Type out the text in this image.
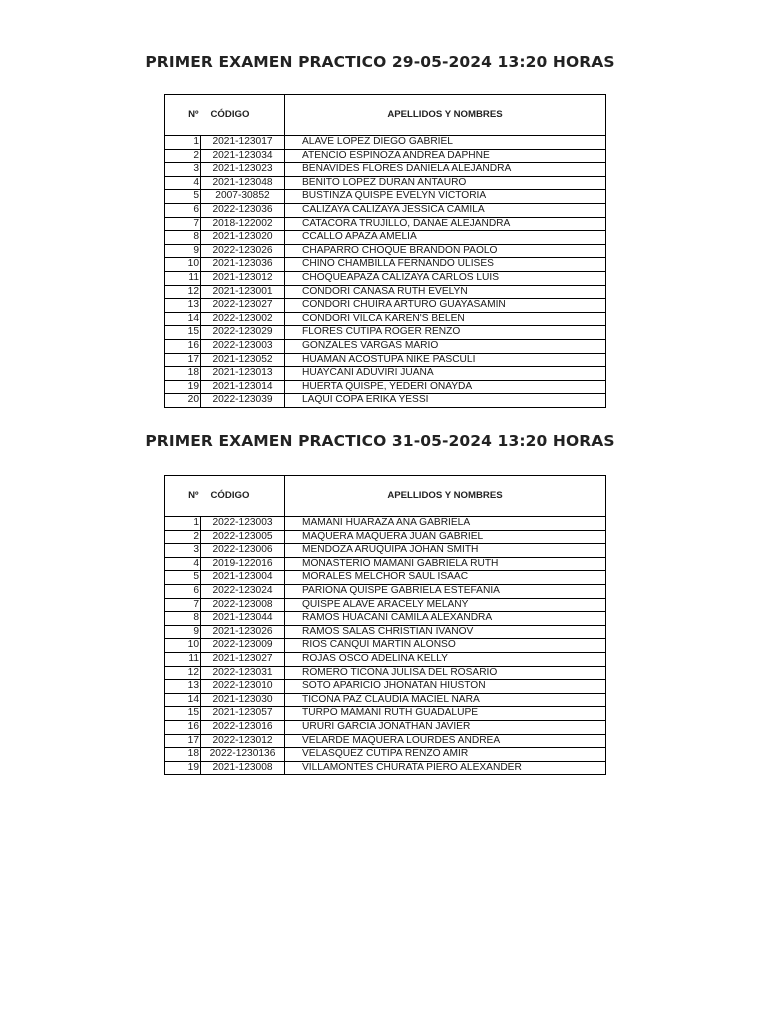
PRIMER EXAMEN PRACTICO 29-05-2024 13:20 HORAS
Nº	CÓDIGO	APELLIDOS Y NOMBRES
1	2021-123017	ALAVE LOPEZ DIEGO GABRIEL
2	2021-123034	ATENCIO ESPINOZA ANDREA DAPHNE
3	2021-123023	BENAVIDES FLORES DANIELA ALEJANDRA
4	2021-123048	BENITO LOPEZ DURAN ANTAURO
5	2007-30852	BUSTINZA QUISPE EVELYN VICTORIA
6	2022-123036	CALIZAYA CALIZAYA JESSICA CAMILA
7	2018-122002	CATACORA TRUJILLO, DANAE ALEJANDRA
8	2021-123020	CCALLO APAZA AMELIA
9	2022-123026	CHAPARRO CHOQUE BRANDON PAOLO
10	2021-123036	CHINO CHAMBILLA FERNANDO ULISES
11	2021-123012	CHOQUEAPAZA CALIZAYA CARLOS LUIS
12	2021-123001	CONDORI CANASA RUTH EVELYN
13	2022-123027	CONDORI CHUIRA ARTURO GUAYASAMIN
14	2022-123002	CONDORI VILCA KAREN'S BELEN
15	2022-123029	FLORES CUTIPA ROGER RENZO
16	2022-123003	GONZALES VARGAS MARIO
17	2021-123052	HUAMAN ACOSTUPA NIKE PASCULI
18	2021-123013	HUAYCANI ADUVIRI JUANA
19	2021-123014	HUERTA QUISPE, YEDERI ONAYDA
20	2022-123039	LAQUI COPA ERIKA YESSI
PRIMER EXAMEN PRACTICO 31-05-2024 13:20 HORAS
Nº	CÓDIGO	APELLIDOS Y NOMBRES
1	2022-123003	MAMANI HUARAZA ANA GABRIELA
2	2022-123005	MAQUERA MAQUERA JUAN GABRIEL
3	2022-123006	MENDOZA ARUQUIPA JOHAN SMITH
4	2019-122016	MONASTERIO MAMANI GABRIELA RUTH
5	2021-123004	MORALES MELCHOR SAUL ISAAC
6	2022-123024	PARIONA QUISPE GABRIELA ESTEFANIA
7	2022-123008	QUISPE ALAVE ARACELY MELANY
8	2021-123044	RAMOS HUACANI CAMILA ALEXANDRA
9	2021-123026	RAMOS SALAS CHRISTIAN IVANOV
10	2022-123009	RIOS CANQUI MARTIN ALONSO
11	2021-123027	ROJAS OSCO ADELINA KELLY
12	2022-123031	ROMERO TICONA JULISA DEL ROSARIO
13	2022-123010	SOTO APARICIO JHONATAN HIUSTON
14	2021-123030	TICONA PAZ CLAUDIA MACIEL NARA
15	2021-123057	TURPO MAMANI RUTH GUADALUPE
16	2022-123016	URURI GARCIA JONATHAN JAVIER
17	2022-123012	VELARDE MAQUERA LOURDES ANDREA
18	2022-1230136	VELASQUEZ CUTIPA RENZO AMIR
19	2021-123008	VILLAMONTES CHURATA PIERO ALEXANDER
